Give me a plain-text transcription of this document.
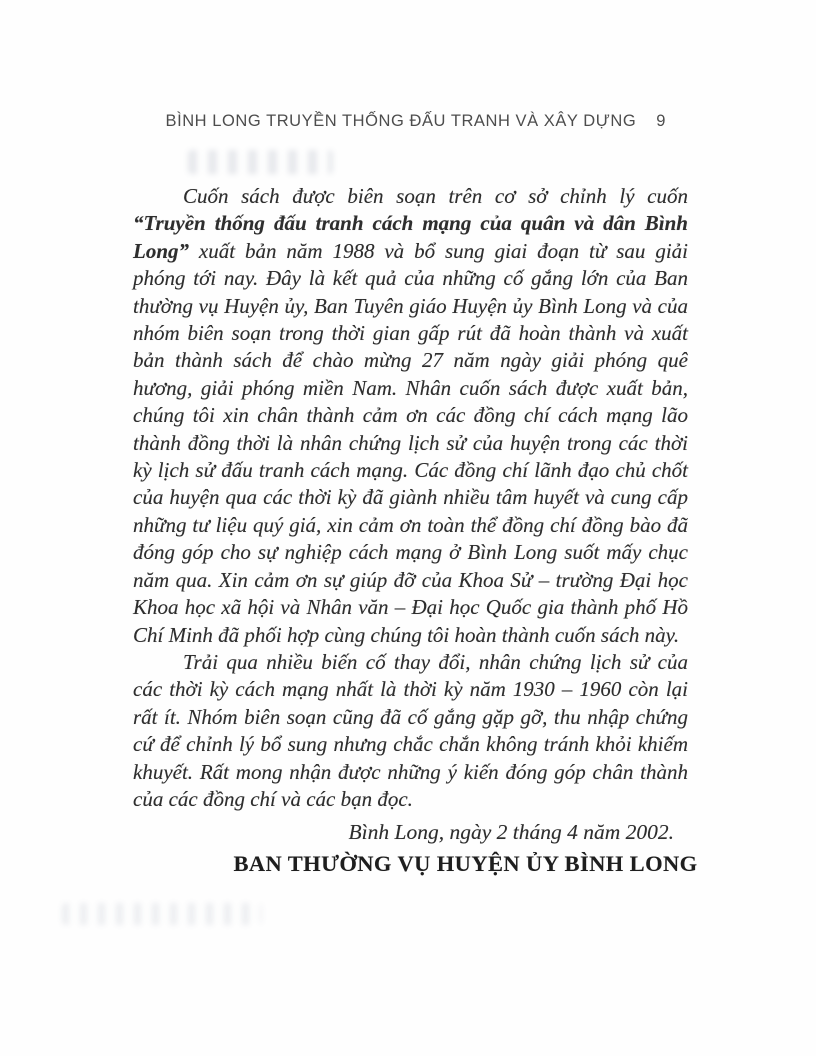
BÌNH LONG TRUYỀN THỐNG ĐẤU TRANH VÀ XÂY DỰNG 9

Cuốn sách được biên soạn trên cơ sở chỉnh lý cuốn “Truyền thống đấu tranh cách mạng của quân và dân Bình Long” xuất bản năm 1988 và bổ sung giai đoạn từ sau giải phóng tới nay. Đây là kết quả của những cố gắng lớn của Ban thường vụ Huyện ủy, Ban Tuyên giáo Huyện ủy Bình Long và của nhóm biên soạn trong thời gian gấp rút đã hoàn thành và xuất bản thành sách để chào mừng 27 năm ngày giải phóng quê hương, giải phóng miền Nam. Nhân cuốn sách được xuất bản, chúng tôi xin chân thành cảm ơn các đồng chí cách mạng lão thành đồng thời là nhân chứng lịch sử của huyện trong các thời kỳ lịch sử đấu tranh cách mạng. Các đồng chí lãnh đạo chủ chốt của huyện qua các thời kỳ đã giành nhiều tâm huyết và cung cấp những tư liệu quý giá, xin cảm ơn toàn thể đồng chí đồng bào đã đóng góp cho sự nghiệp cách mạng ở Bình Long suốt mấy chục năm qua. Xin cảm ơn sự giúp đỡ của Khoa Sử – trường Đại học Khoa học xã hội và Nhân văn – Đại học Quốc gia thành phố Hồ Chí Minh đã phối hợp cùng chúng tôi hoàn thành cuốn sách này.

Trải qua nhiều biến cố thay đổi, nhân chứng lịch sử của các thời kỳ cách mạng nhất là thời kỳ năm 1930 – 1960 còn lại rất ít. Nhóm biên soạn cũng đã cố gắng gặp gỡ, thu nhập chứng cứ để chỉnh lý bổ sung nhưng chắc chắn không tránh khỏi khiếm khuyết. Rất mong nhận được những ý kiến đóng góp chân thành của các đồng chí và các bạn đọc.

Bình Long, ngày 2 tháng 4 năm 2002.
BAN THƯỜNG VỤ HUYỆN ỦY BÌNH LONG
